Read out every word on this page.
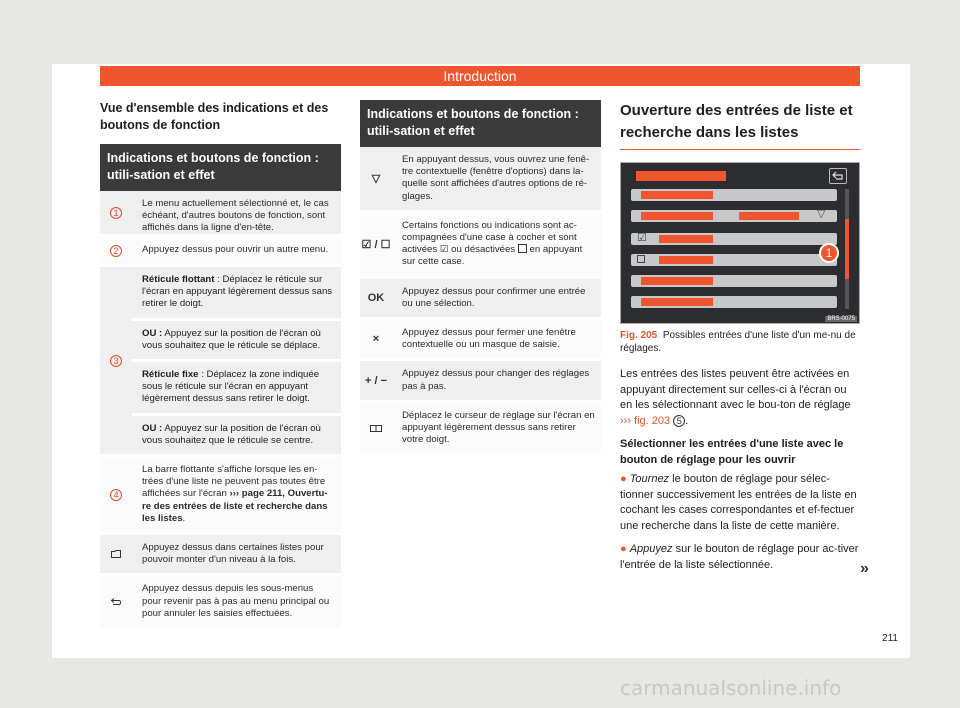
Introduction
Vue d'ensemble des indications et des boutons de fonction
Indications et boutons de fonction : utili-sation et effet
1
Le menu actuellement sélectionné et, le cas échéant, d'autres boutons de fonction, sont affichés dans la ligne d'en-tête.
2	Appuyez dessus pour ouvrir un autre menu.
3
Réticule flottant : Déplacez le réticule sur l'écran en appuyant légèrement dessus sans retirer le doigt.
OU : Appuyez sur la position de l'écran où vous souhaitez que le réticule se déplace.
Réticule fixe : Déplacez la zone indiquée sous le réticule sur l'écran en appuyant légèrement dessus sans retirer le doigt.
OU : Appuyez sur la position de l'écran où vous souhaitez que le réticule se centre.
4
La barre flottante s'affiche lorsque les en-trées d'une liste ne peuvent pas toutes être affichées sur l'écran ››› page 211, Ouvertu-re des entrées de liste et recherche dans les listes.
Appuyez dessus dans certaines listes pour pouvoir monter d'un niveau à la fois.
Appuyez dessus depuis les sous-menus pour revenir pas à pas au menu principal ou pour annuler les saisies effectuées.
Indications et boutons de fonction : utili-sation et effet
▽
En appuyant dessus, vous ouvrez une fenê-tre contextuelle (fenêtre d'options) dans la-quelle sont affichées d'autres options de ré-glages.
☑ / ☐
Certains fonctions ou indications sont ac-compagnées d'une case à cocher et sont activées ☑ ou désactivées en appuyant sur cette case.
OK
Appuyez dessus pour confirmer une entrée ou une sélection.
×
Appuyez dessus pour fermer une fenêtre contextuelle ou un masque de saisie.
+ / −
Appuyez dessus pour changer des réglages pas à pas.
Déplacez le curseur de réglage sur l'écran en appuyant légèrement dessus sans retirer votre doigt.
Ouverture des entrées de liste et recherche dans les listes
▽
☑
1
BRS-0075
Fig. 205 Possibles entrées d'une liste d'un me-nu de réglages.
Les entrées des listes peuvent être activées en appuyant directement sur celles-ci à l'écran ou en les sélectionnant avec le bou-ton de réglage ››› fig. 203 5 .
Sélectionner les entrées d'une liste avec le bouton de réglage pour les ouvrir
● Tournez le bouton de réglage pour sélec-tionner successivement les entrées de la liste en cochant les cases correspondantes et ef-fectuer une recherche dans la liste de cette manière.
● Appuyez sur le bouton de réglage pour ac-tiver l'entrée de la liste sélectionnée.	»
211
carmanualsonline.info
